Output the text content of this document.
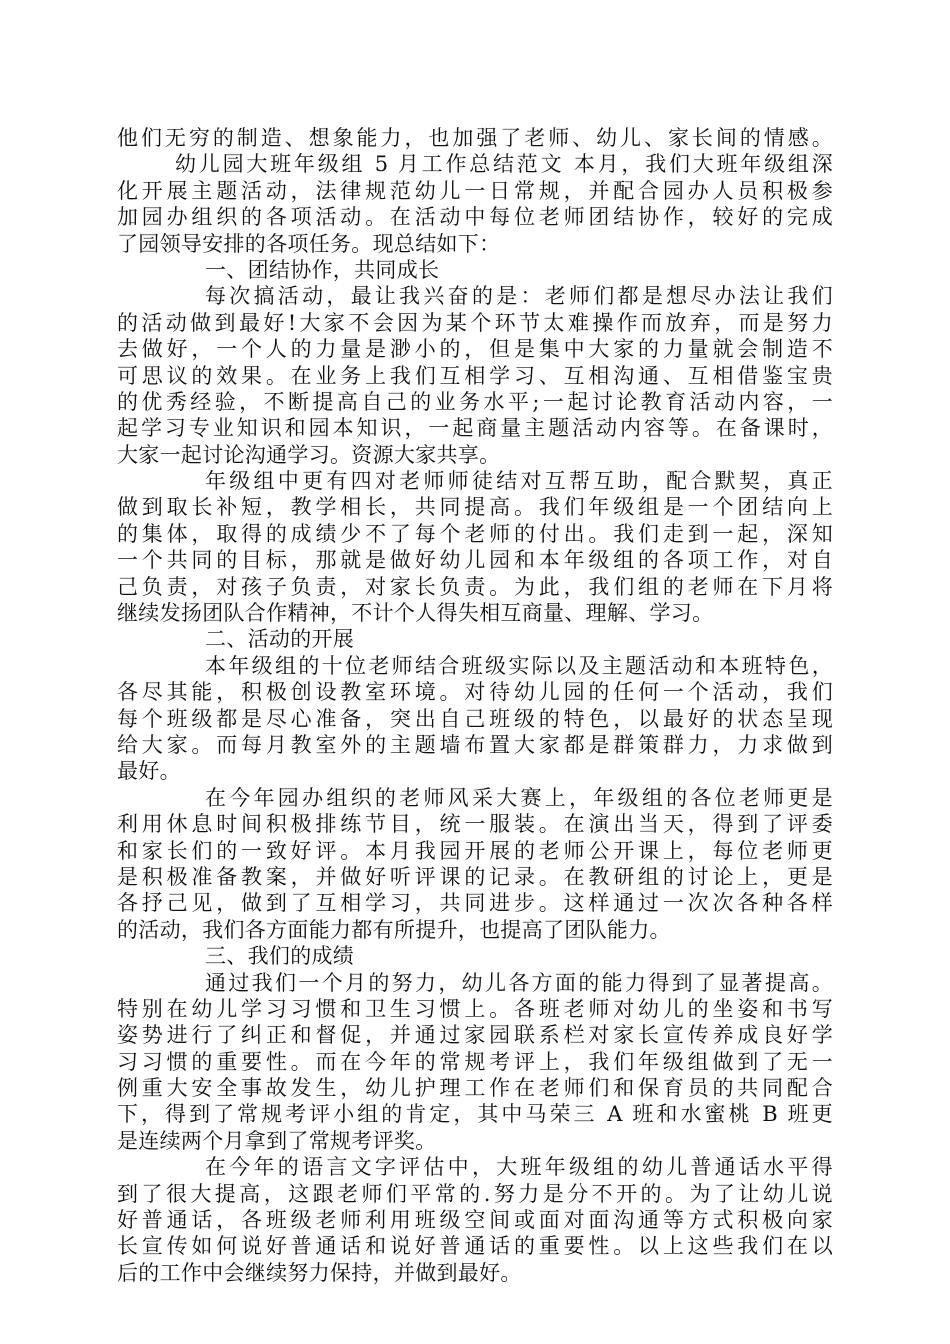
他们无穷的制造、想象能力，也加强了老师、幼儿、家长间的情感。
幼儿园大班年级组 5 月工作总结范文 本月，我们大班年级组深
化开展主题活动，法律规范幼儿一日常规，并配合园办人员积极参
加园办组织的各项活动。在活动中每位老师团结协作，较好的完成
了园领导安排的各项任务。现总结如下：
一、团结协作，共同成长
每次搞活动，最让我兴奋的是：老师们都是想尽办法让我们
的活动做到最好!大家不会因为某个环节太难操作而放弃，而是努力
去做好，一个人的力量是渺小的，但是集中大家的力量就会制造不
可思议的效果。在业务上我们互相学习、互相沟通、互相借鉴宝贵
的优秀经验，不断提高自己的业务水平;一起讨论教育活动内容，一
起学习专业知识和园本知识，一起商量主题活动内容等。在备课时，
大家一起讨论沟通学习。资源大家共享。
年级组中更有四对老师师徒结对互帮互助，配合默契，真正
做到取长补短，教学相长，共同提高。我们年级组是一个团结向上
的集体，取得的成绩少不了每个老师的付出。我们走到一起，深知
一个共同的目标，那就是做好幼儿园和本年级组的各项工作，对自
己负责，对孩子负责，对家长负责。为此，我们组的老师在下月将
继续发扬团队合作精神，不计个人得失相互商量、理解、学习。
二、活动的开展
本年级组的十位老师结合班级实际以及主题活动和本班特色，
各尽其能，积极创设教室环境。对待幼儿园的任何一个活动，我们
每个班级都是尽心准备，突出自己班级的特色，以最好的状态呈现
给大家。而每月教室外的主题墙布置大家都是群策群力，力求做到
最好。
在今年园办组织的老师风采大赛上，年级组的各位老师更是
利用休息时间积极排练节目，统一服装。在演出当天，得到了评委
和家长们的一致好评。本月我园开展的老师公开课上，每位老师更
是积极准备教案，并做好听评课的记录。在教研组的讨论上，更是
各抒己见，做到了互相学习，共同进步。这样通过一次次各种各样
的活动，我们各方面能力都有所提升，也提高了团队能力。
三、我们的成绩
通过我们一个月的努力，幼儿各方面的能力得到了显著提高。
特别在幼儿学习习惯和卫生习惯上。各班老师对幼儿的坐姿和书写
姿势进行了纠正和督促，并通过家园联系栏对家长宣传养成良好学
习习惯的重要性。而在今年的常规考评上，我们年级组做到了无一
例重大安全事故发生，幼儿护理工作在老师们和保育员的共同配合
下，得到了常规考评小组的肯定，其中马荣三 A 班和水蜜桃 B 班更
是连续两个月拿到了常规考评奖。
在今年的语言文字评估中，大班年级组的幼儿普通话水平得
到了很大提高，这跟老师们平常的.努力是分不开的。为了让幼儿说
好普通话，各班级老师利用班级空间或面对面沟通等方式积极向家
长宣传如何说好普通话和说好普通话的重要性。以上这些我们在以
后的工作中会继续努力保持，并做到最好。
